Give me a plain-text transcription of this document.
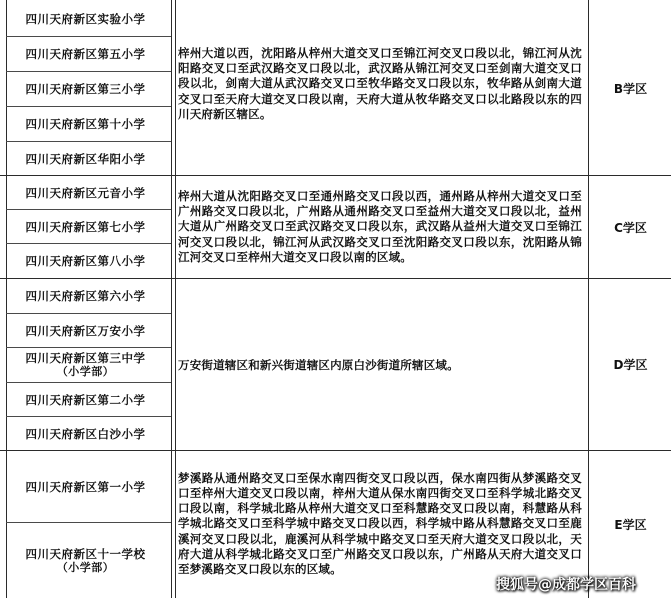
四川天府新区实验小学
四川天府新区第五小学
四川天府新区第三小学
四川天府新区第十小学
四川天府新区华阳小学
梓州大道以西，沈阳路从梓州大道交叉口至锦江河交叉口段以北，锦江河从沈阳路交叉口至武汉路交叉口段以北，武汉路从锦江河交叉口至剑南大道交叉口段以北，剑南大道从武汉路交叉口至牧华路交叉口段以东，牧华路从剑南大道交叉口至天府大道交叉口段以南，天府大道从牧华路交叉口以北路段以东的四川天府新区辖区。
B学区
四川天府新区元音小学
四川天府新区第七小学
四川天府新区第八小学
梓州大道从沈阳路交叉口至通州路交叉口段以西，通州路从梓州大道交叉口至广州路交叉口段以北，广州路从通州路交叉口至益州大道交叉口段以北，益州大道从广州路交叉口至武汉路交叉口段以东，武汉路从益州大道交叉口至锦江河交叉口段以北，锦江河从武汉路交叉口至沈阳路交叉口段以东，沈阳路从锦江河交叉口至梓州大道交叉口段以南的区域。
C学区
四川天府新区第六小学
四川天府新区万安小学
四川天府新区第三中学
（小学部）
四川天府新区第二小学
四川天府新区白沙小学
万安街道辖区和新兴街道辖区内原白沙街道所辖区域。	D学区
四川天府新区第一小学
四川天府新区十一学校
（小学部）
梦溪路从通州路交叉口至保水南四街交叉口段以西，保水南四街从梦溪路交叉口至梓州大道交叉口段以南，梓州大道从保水南四街交叉口至科学城北路交叉口段以南，科学城北路从梓州大道交叉口至科慧路交叉口段以南，科慧路从科学城北路交叉口至科学城中路交叉口段以西，科学城中路从科慧路交叉口至鹿溪河交叉口段以北，鹿溪河从科学城中路交叉口至天府大道交叉口段以北，天府大道从科学城北路交叉口至广州路交叉口段以东，广州路从天府大道交叉口至梦溪路交叉口段以东的区域。
E学区
搜狐号@成都学区百科
